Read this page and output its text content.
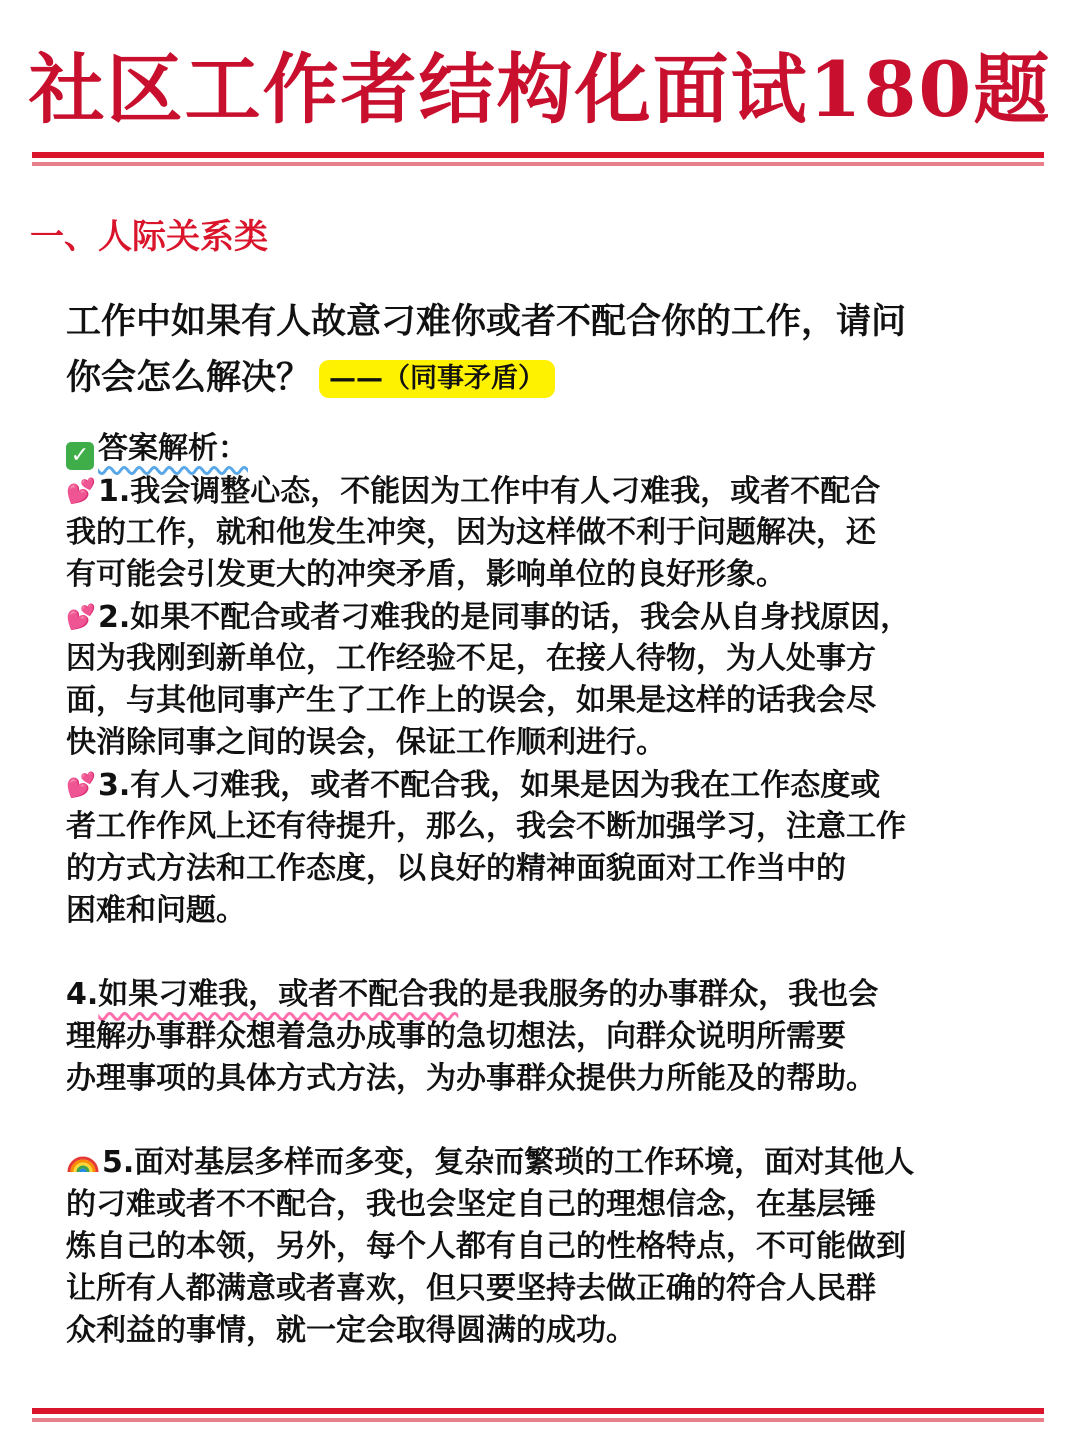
社区工作者结构化面试180题
一、人际关系类
工作中如果有人故意刁难你或者不配合你的工作，请问
你会怎么解决？ ——（同事矛盾）
✓ 答案解析：
💕1.我会调整心态，不能因为工作中有人刁难我，或者不配合
我的工作，就和他发生冲突，因为这样做不利于问题解决，还
有可能会引发更大的冲突矛盾，影响单位的良好形象。
💕2.如果不配合或者刁难我的是同事的话，我会从自身找原因，
因为我刚到新单位，工作经验不足，在接人待物，为人处事方
面，与其他同事产生了工作上的误会，如果是这样的话我会尽
快消除同事之间的误会，保证工作顺利进行。
💕3.有人刁难我，或者不配合我，如果是因为我在工作态度或
者工作作风上还有待提升，那么，我会不断加强学习，注意工作
的方式方法和工作态度，以良好的精神面貌面对工作当中的
困难和问题。
4.如果刁难我，或者不配合我的是我服务的办事群众，我也会
理解办事群众想着急办成事的急切想法，向群众说明所需要
办理事项的具体方式方法，为办事群众提供力所能及的帮助。
5.面对基层多样而多变，复杂而繁琐的工作环境，面对其他人
的刁难或者不不配合，我也会坚定自己的理想信念，在基层锤
炼自己的本领，另外，每个人都有自己的性格特点，不可能做到
让所有人都满意或者喜欢，但只要坚持去做正确的符合人民群
众利益的事情，就一定会取得圆满的成功。
